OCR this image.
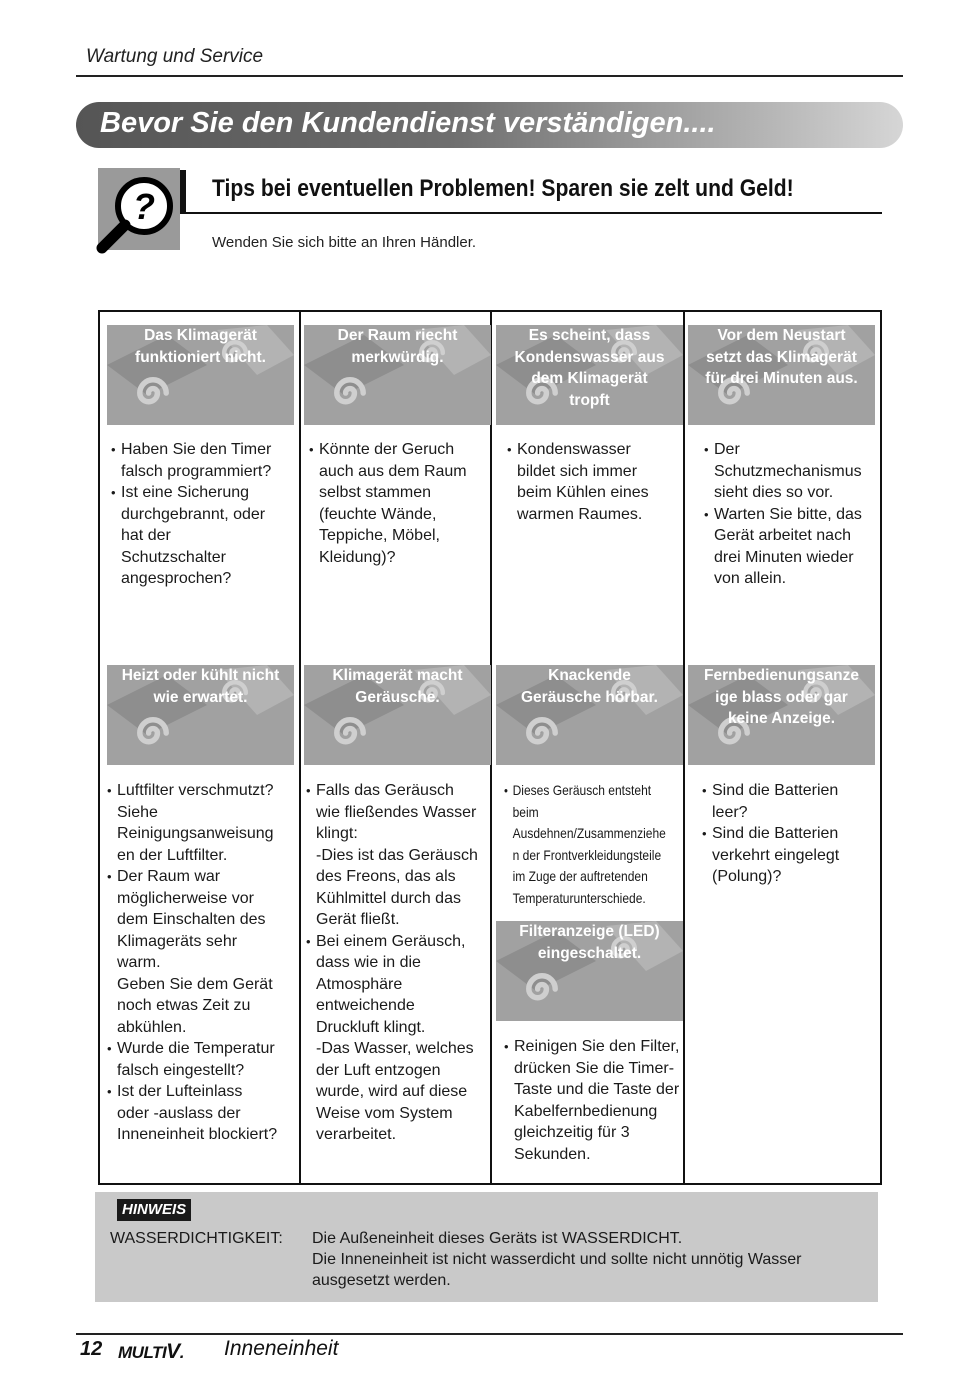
Wartung und Service
Bevor Sie den Kundendienst verständigen....
? Tips bei eventuellen Problemen! Sparen sie zelt und Geld!
Wenden Sie sich bitte an Ihren Händler.
Das Klimagerät
funktioniert nicht.
• Haben Sie den Timer
falsch programmiert?
• Ist eine Sicherung
durchgebrannt, oder
hat der
Schutzschalter
angesprochen?
Der Raum riecht
merkwürdig.
• Könnte der Geruch
auch aus dem Raum
selbst stammen
(feuchte Wände,
Teppiche, Möbel,
Kleidung)?
Es scheint, dass
Kondenswasser aus
dem Klimagerät
tropft
• Kondenswasser
bildet sich immer
beim Kühlen eines
warmen Raumes.
Vor dem Neustart
setzt das Klimagerät
für drei Minuten aus.
• Der
Schutzmechanismus
sieht dies so vor.
• Warten Sie bitte, das
Gerät arbeitet nach
drei Minuten wieder
von allein.
Heizt oder kühlt nicht
wie erwartet.
• Luftfilter verschmutzt?
Siehe
Reinigungsanweisung
en der Luftfilter.
• Der Raum war
möglicherweise vor
dem Einschalten des
Klimageräts sehr
warm.
Geben Sie dem Gerät
noch etwas Zeit zu
abkühlen.
• Wurde die Temperatur
falsch eingestellt?
• Ist der Lufteinlass
oder -auslass der
Inneneinheit blockiert?
Klimagerät macht
Geräusche.
• Falls das Geräusch
wie fließendes Wasser
klingt:
-Dies ist das Geräusch
des Freons, das als
Kühlmittel durch das
Gerät fließt.
• Bei einem Geräusch,
dass wie in die
Atmosphäre
entweichende
Druckluft klingt.
-Das Wasser, welches
der Luft entzogen
wurde, wird auf diese
Weise vom System
verarbeitet.
Knackende
Geräusche hörbar.
• Dieses Geräusch entsteht
beim
Ausdehnen/Zusammenziehe
n der Frontverkleidungsteile
im Zuge der auftretenden
Temperaturunterschiede.
Fernbedienungsanze
ige blass oder gar
keine Anzeige.
• Sind die Batterien
leer?
• Sind die Batterien
verkehrt eingelegt
(Polung)?
Filteranzeige (LED)
eingeschaltet.
• Reinigen Sie den Filter,
drücken Sie die Timer-
Taste und die Taste der
Kabelfernbedienung
gleichzeitig für 3
Sekunden.
HINWEIS
WASSERDICHTIGKEIT: Die Außeneinheit dieses Geräts ist WASSERDICHT.
Die Inneneinheit ist nicht wasserdicht und sollte nicht unnötig Wasser
ausgesetzt werden.
12 MULTIV. Inneneinheit
